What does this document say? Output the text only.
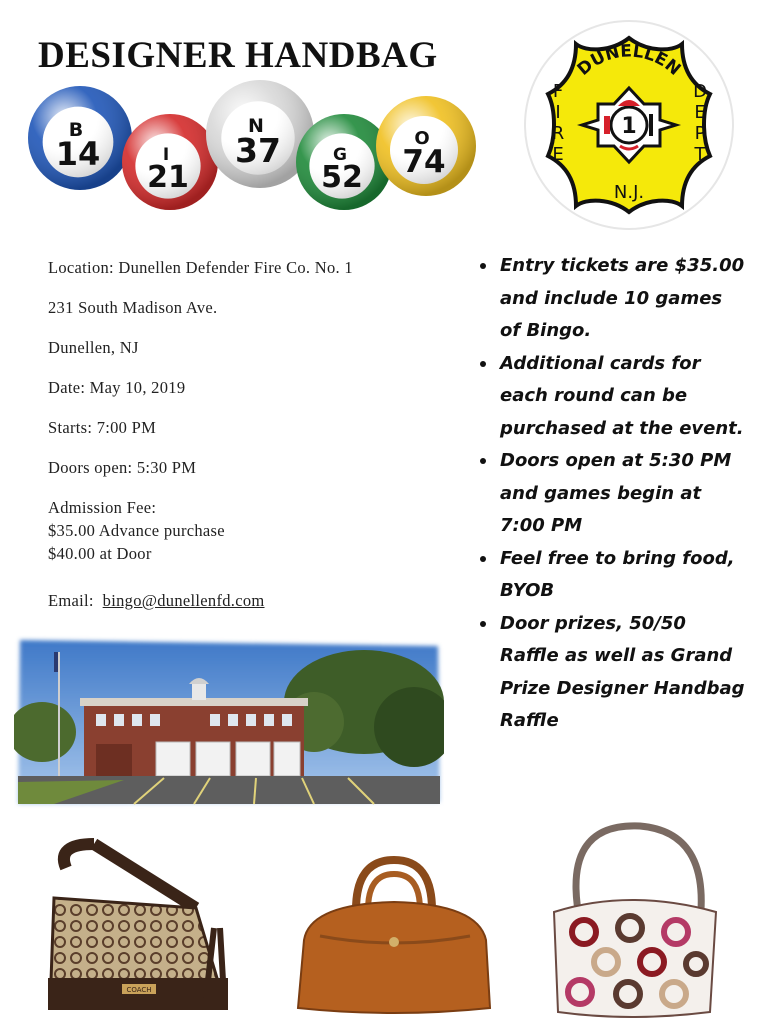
DESIGNER HANDBAG
B
14	I
21
N
37	G
52
O
74
DUNELLEN
F
I
R
E
D
E
P
T
N.J.
1
Location: Dunellen Defender Fire Co. No. 1
231 South Madison Ave.
Dunellen, NJ
Date: May 10, 2019
Starts: 7:00 PM
Doors open: 5:30 PM
Admission Fee:
$35.00 Advance purchase
$40.00 at Door
Email: bingo@dunellenfd.com

Entry tickets are $35.00 and include 10 games of Bingo.

Additional cards for each round can be purchased at the event.

Doors open at 5:30 PM and games begin at 7:00 PM

Feel free to bring food, BYOB

Door prizes, 50/50 Raffle as well as Grand Prize Designer Handbag Raffle

COACH
